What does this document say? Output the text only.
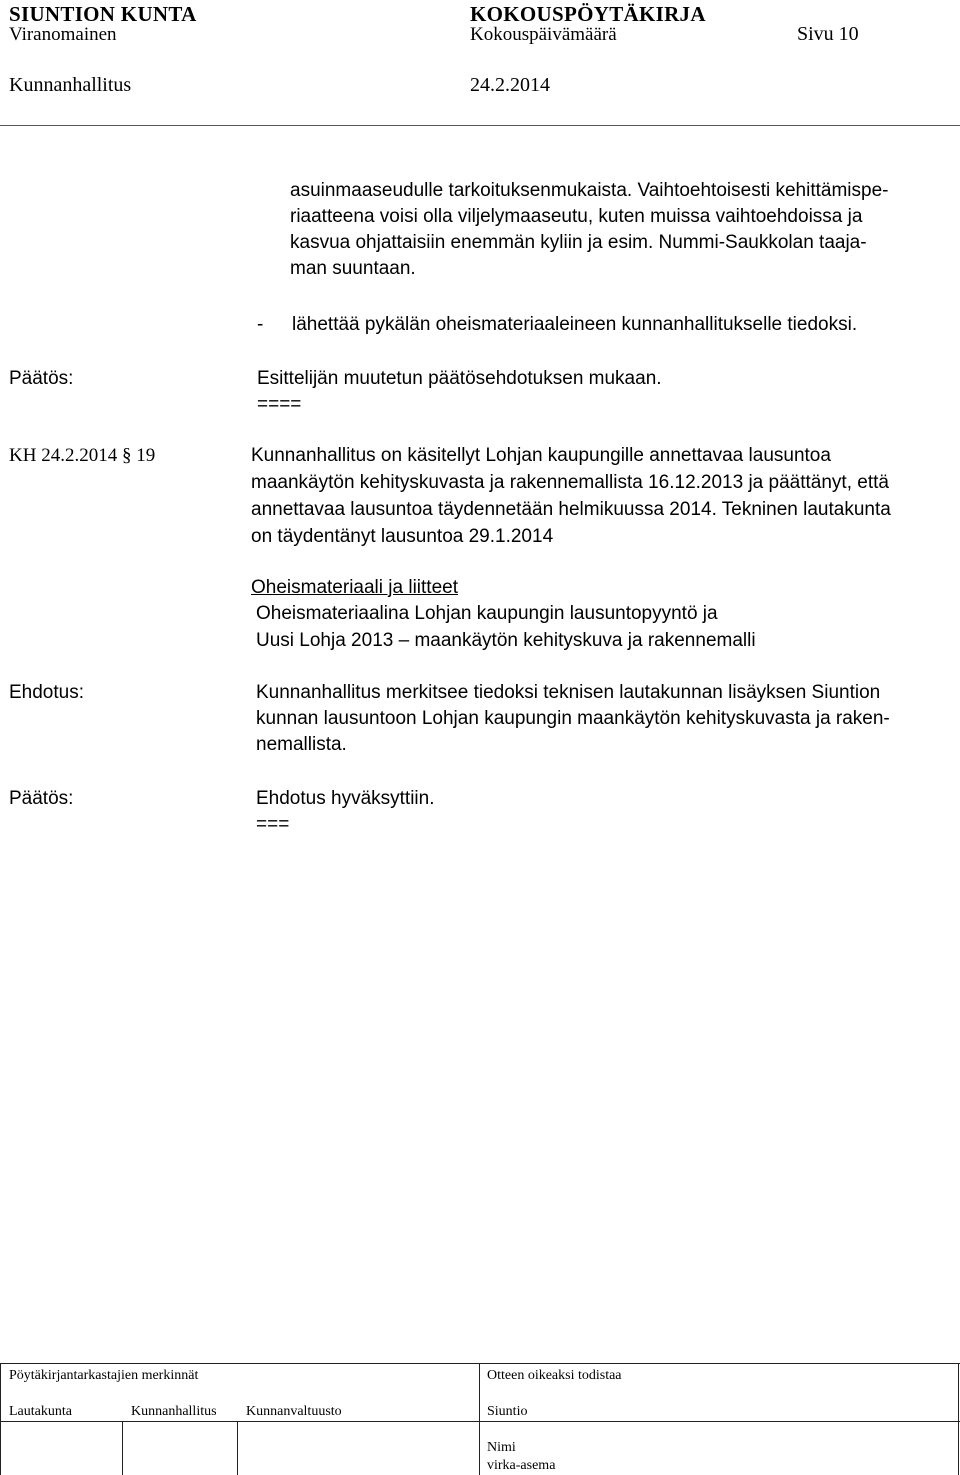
SIUNTION KUNTA	KOKOUSPÖYTÄKIRJA
Viranomainen	Kokouspäivämäärä	Sivu 10
Kunnanhallitus	24.2.2014
asuinmaaseudulle tarkoituksenmukaista. Vaihtoehtoisesti kehittämispe-
riaatteena voisi olla viljelymaaseutu, kuten muissa vaihtoehdoissa ja
kasvua ohjattaisiin enemmän kyliin ja esim. Nummi-Saukkolan taaja-
man suuntaan.
- lähettää pykälän oheismateriaaleineen kunnanhallitukselle tiedoksi.
Päätös:	Esittelijän muutetun päätösehdotuksen mukaan.
====
KH 24.2.2014 § 19	Kunnanhallitus on käsitellyt Lohjan kaupungille annettavaa lausuntoa
maankäytön kehityskuvasta ja rakennemallista 16.12.2013 ja päättänyt, että
annettavaa lausuntoa täydennetään helmikuussa 2014. Tekninen lautakunta
on täydentänyt lausuntoa 29.1.2014
Oheismateriaali ja liitteet
Oheismateriaalina Lohjan kaupungin lausuntopyyntö ja
Uusi Lohja 2013 – maankäytön kehityskuva ja rakennemalli
Ehdotus:	Kunnanhallitus merkitsee tiedoksi teknisen lautakunnan lisäyksen Siuntion
kunnan lausuntoon Lohjan kaupungin maankäytön kehityskuvasta ja raken-
nemallista.
Päätös:	Ehdotus hyväksyttiin.
===
Pöytäkirjantarkastajien merkinnät	Otteen oikeaksi todistaa
Lautakunta	Kunnanhallitus Kunnanvaltuusto	Siuntio
Nimi
virka-asema
